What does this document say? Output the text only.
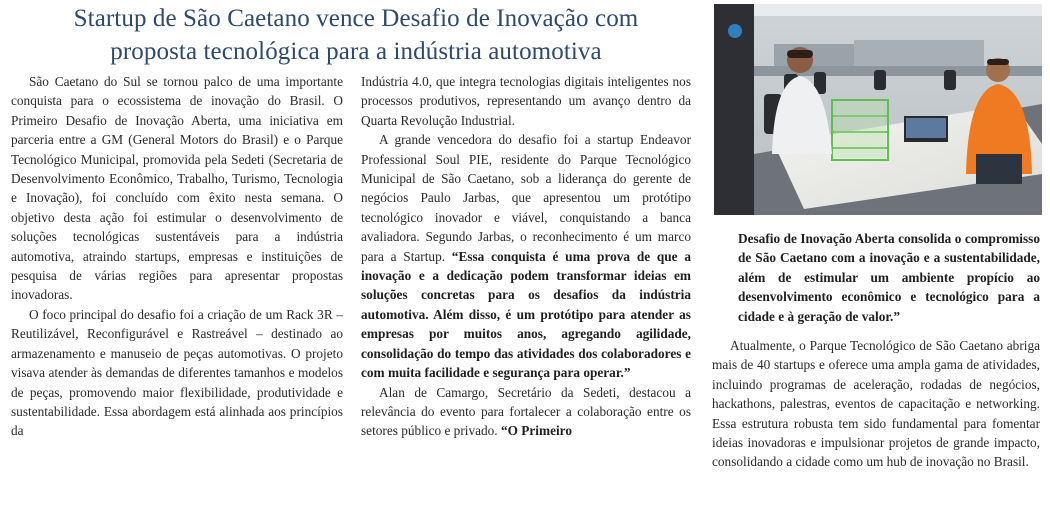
Startup de São Caetano vence Desafio de Inovação com
proposta tecnológica para a indústria automotiva

São Caetano do Sul se tornou palco de uma importante conquista para o ecossistema de inovação do Brasil. O Primeiro Desafio de Inovação Aberta, uma iniciativa em parceria entre a GM (General Motors do Brasil) e o Parque Tecnológico Municipal, promovida pela Sedeti (Secretaria de Desenvolvimento Econômico, Trabalho, Turismo, Tecnologia e Inovação), foi concluído com êxito nesta semana. O objetivo desta ação foi estimular o desenvolvimento de soluções tecnológicas sustentáveis para a indústria automotiva, atraindo startups, empresas e instituições de pesquisa de várias regiões para apresentar propostas inovadoras.

O foco principal do desafio foi a criação de um Rack 3R – Reutilizável, Reconfigurável e Rastreável – destinado ao armazenamento e manuseio de peças automotivas. O projeto visava atender às demandas de diferentes tamanhos e modelos de peças, promovendo maior flexibilidade, produtividade e sustentabilidade. Essa abordagem está alinhada aos princípios da

Indústria 4.0, que integra tecnologias digitais inteligentes nos processos produtivos, representando um avanço dentro da Quarta Revolução Industrial.

A grande vencedora do desafio foi a startup Endeavor Professional Soul PIE, residente do Parque Tecnológico Municipal de São Caetano, sob a liderança do gerente de negócios Paulo Jarbas, que apresentou um protótipo tecnológico inovador e viável, conquistando a banca avaliadora. Segundo Jarbas, o reconhecimento é um marco para a Startup. “Essa conquista é uma prova de que a inovação e a dedicação podem transformar ideias em soluções concretas para os desafios da indústria automotiva. Além disso, é um protótipo para atender as empresas por muitos anos, agregando agilidade, consolidação do tempo das atividades dos colaboradores e com muita facilidade e segurança para operar.”

Alan de Camargo, Secretário da Sedeti, destacou a relevância do evento para fortalecer a colaboração entre os setores público e privado. “O Primeiro

Desafio de Inovação Aberta consolida o compromisso de São Caetano com a inovação e a sustentabilidade, além de estimular um ambiente propício ao desenvolvimento econômico e tecnológico para a cidade e à geração de valor.”

Atualmente, o Parque Tecnológico de São Caetano abriga mais de 40 startups e oferece uma ampla gama de atividades, incluindo programas de aceleração, rodadas de negócios, hackathons, palestras, eventos de capacitação e networking. Essa estrutura robusta tem sido fundamental para fomentar ideias inovadoras e impulsionar projetos de grande impacto, consolidando a cidade como um hub de inovação no Brasil.
